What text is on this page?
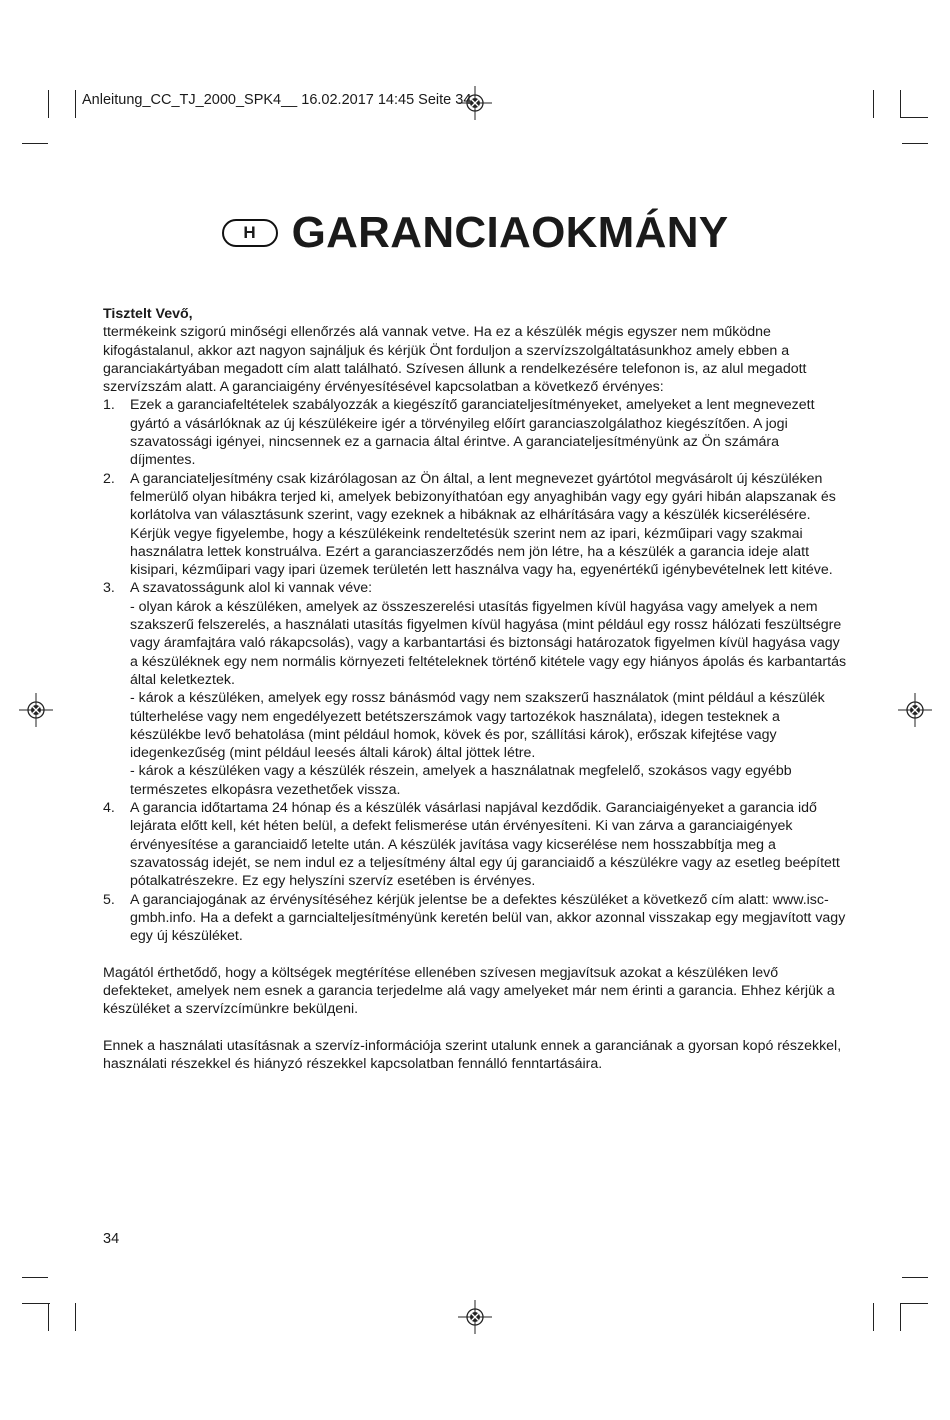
Anleitung_CC_TJ_2000_SPK4__ 16.02.2017 14:45 Seite 34
H GARANCIAOKMÁNY

Tisztelt Vevő,

ttermékeink szigorú minőségi ellenőrzés alá vannak vetve. Ha ez a készülék mégis egyszer nem működne kifogástalanul, akkor azt nagyon sajnáljuk és kérjük Önt forduljon a szervízszolgáltatásunkhoz amely ebben a garanciakártyában megadott cím alatt található. Szívesen állunk a rendelkezésére telefonon is, az alul megadott szervízszám alatt. A garanciaigény érvényesítésével kapcsolatban a következő érvényes:

1. Ezek a garanciafeltételek szabályozzák a kiegészítő garanciateljesítményeket, amelyeket a lent megnevezett gyártó a vásárlóknak az új készülékeire igér a törvényileg előírt garanciaszolgálathoz kiegészítően. A jogi szavatossági igényei, nincsennek ez a garnacia által érintve. A garanciateljesítményünk az Ön számára díjmentes.
2. A garanciateljesítmény csak kizárólagosan az Ön által, a lent megnevezet gyártótol megvásárolt új készüléken felmerülő olyan hibákra terjed ki, amelyek bebizonyíthatóan egy anyaghibán vagy egy gyári hibán alapszanak és korlátolva van választásunk szerint, vagy ezeknek a hibáknak az elhárítására vagy a készülék kicserélésére.
Kérjük vegye figyelembe, hogy a készülékeink rendeltetésük szerint nem az ipari, kézműipari vagy szakmai használatra lettek konstruálva. Ezért a garanciaszerződés nem jön létre, ha a készülék a garancia ideje alatt kisipari, kézműipari vagy ipari üzemek területén lett használva vagy ha, egyenértékű igénybevételnek lett kitéve.
3. A szavatosságunk alol ki vannak véve:
- olyan károk a készüléken, amelyek az összeszerelési utasítás figyelmen kívül hagyása vagy amelyek a nem szakszerű felszerelés, a használati utasítás figyelmen kívül hagyása (mint például egy rossz hálózati feszültségre vagy áramfajtára való rákapcsolás), vagy a karbantartási és biztonsági határozatok figyelmen kívül hagyása vagy a készüléknek egy nem normális környezeti feltételeknek történő kitétele vagy egy hiányos ápolás és karbantartás által keletkeztek.
- károk a készüléken, amelyek egy rossz bánásmód vagy nem szakszerű használatok (mint például a készülék túlterhelése vagy nem engedélyezett betétszerszámok vagy tartozékok használata), idegen testeknek a készülékbe levő behatolása (mint például homok, kövek és por, szállítási károk), erőszak kifejtése vagy idegenkezűség (mint például leesés általi károk) által jöttek létre.
- károk a készüléken vagy a készülék részein, amelyek a használatnak megfelelő, szokásos vagy egyébb természetes elkopásra vezethetőek vissza.
4. A garancia időtartama 24 hónap és a készülék vásárlasi napjával kezdődik. Garanciaigényeket a garancia idő lejárata előtt kell, két héten belül, a defekt felismerése után érvényesíteni. Ki van zárva a garanciaigények érvényesítése a garanciaidő letelte után. A készülék javítása vagy kicserélése nem hosszabbítja meg a szavatosság idejét, se nem indul ez a teljesítmény által egy új garanciaidő a készülékre vagy az esetleg beépített pótalkatrészekre. Ez egy helyszíni szervíz esetében is érvényes.
5. A garanciajogának az érvénysítéséhez kérjük jelentse be a defektes készüléket a következő cím alatt: www.isc-gmbh.info. Ha a defekt a garncialteljesítményünk keretén belül van, akkor azonnal visszakap egy megjavított vagy egy új készüléket.

Magától érthetődő, hogy a költségek megtérítése ellenében szívesen megjavítsuk azokat a készüléken levő defekteket, amelyek nem esnek a garancia terjedelme alá vagy amelyeket már nem érinti a garancia. Ehhez kérjük a készüléket a szervízcímünkre bekülдeni.

Ennek a használati utasításnak a szervíz-információja szerint utalunk ennek a garanciának a gyorsan kopó részekkel, használati részekkel és hiányzó részekkel kapcsolatban fennálló fenntartásáira.

34
